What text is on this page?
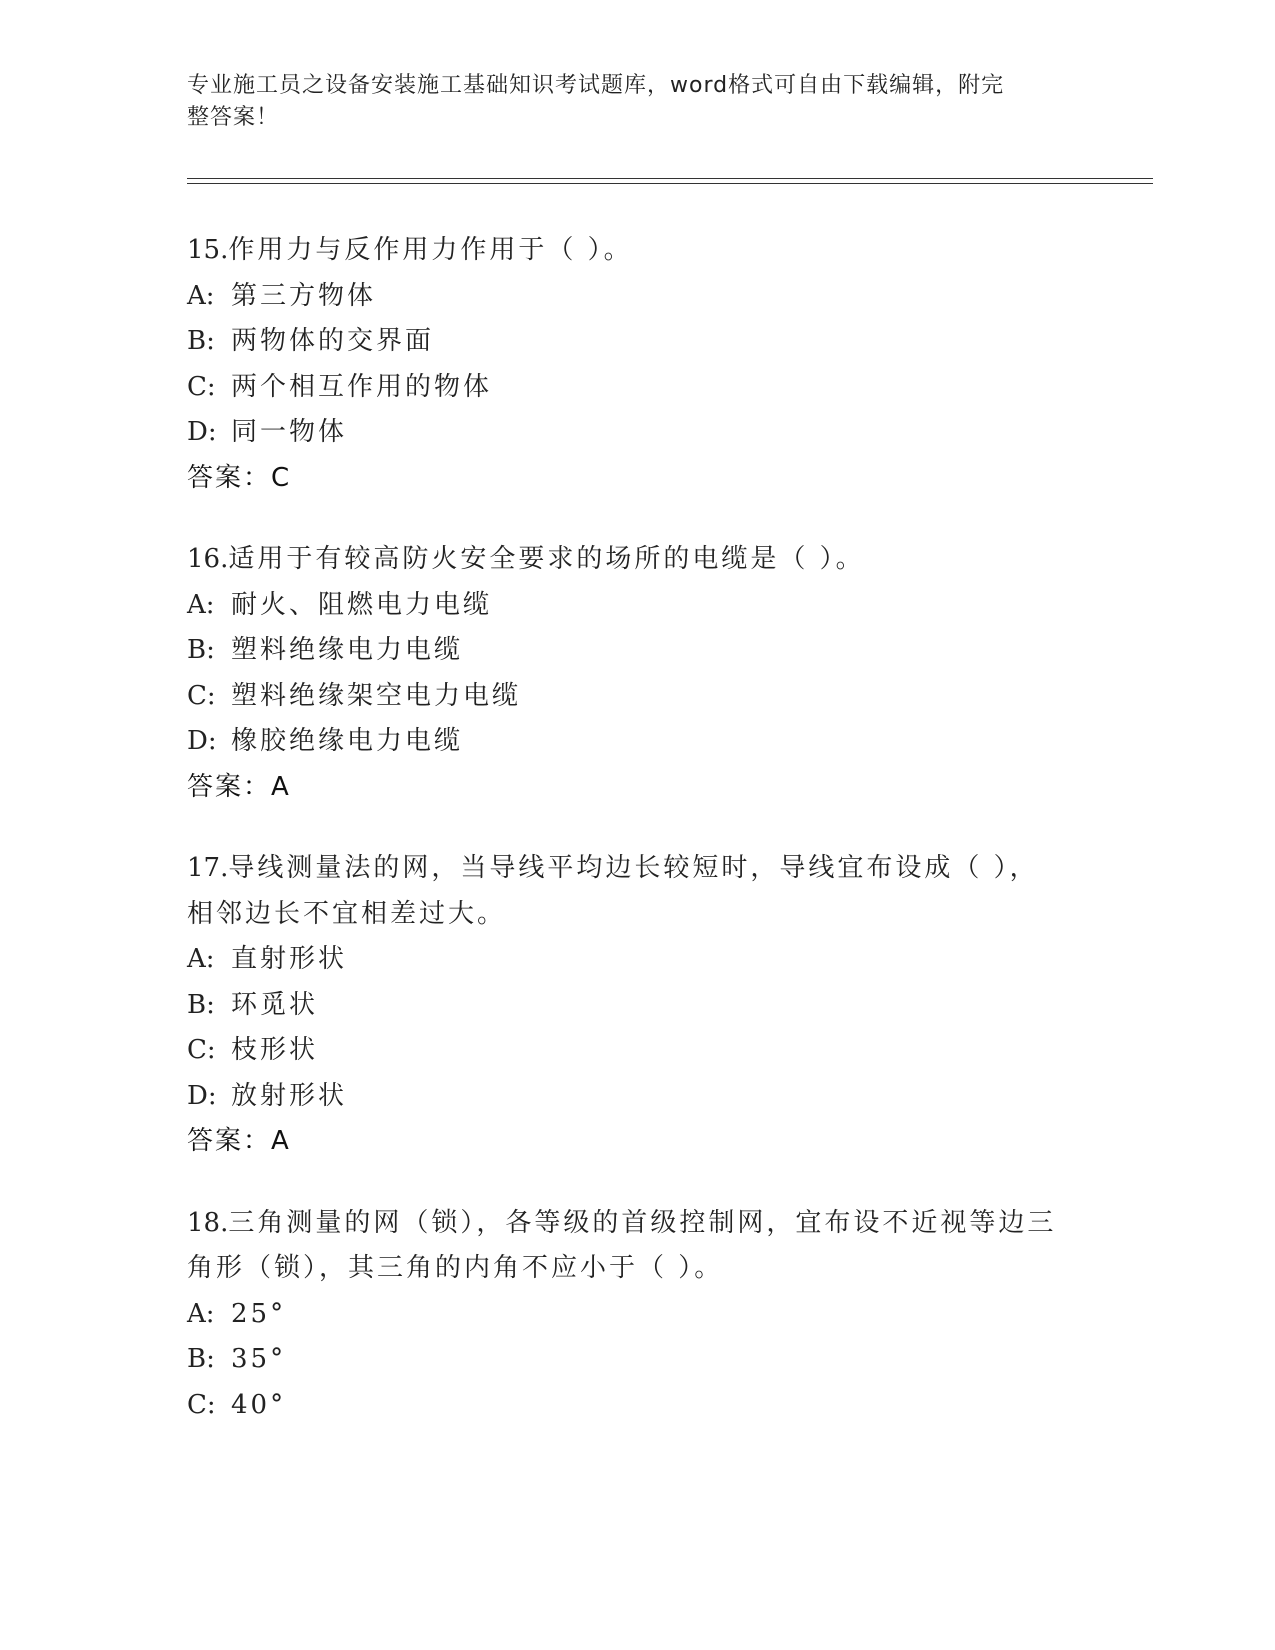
专业施工员之设备安装施工基础知识考试题库，word格式可自由下载编辑，附完
整答案！
15.作用力与反作用力作用于（ ）。
A: 第三方物体
B: 两物体的交界面
C: 两个相互作用的物体
D: 同一物体
答案：C
16.适用于有较高防火安全要求的场所的电缆是（ ）。
A: 耐火、阻燃电力电缆
B: 塑料绝缘电力电缆
C: 塑料绝缘架空电力电缆
D: 橡胶绝缘电力电缆
答案：A
17.导线测量法的网，当导线平均边长较短时，导线宜布设成（ ），
相邻边长不宜相差过大。
A: 直射形状
B: 环觅状
C: 枝形状
D: 放射形状
答案：A
18.三角测量的网（锁），各等级的首级控制网，宜布设不近视等边三
角形（锁），其三角的内角不应小于（ ）。
A: 25°
B: 35°
C: 40°
